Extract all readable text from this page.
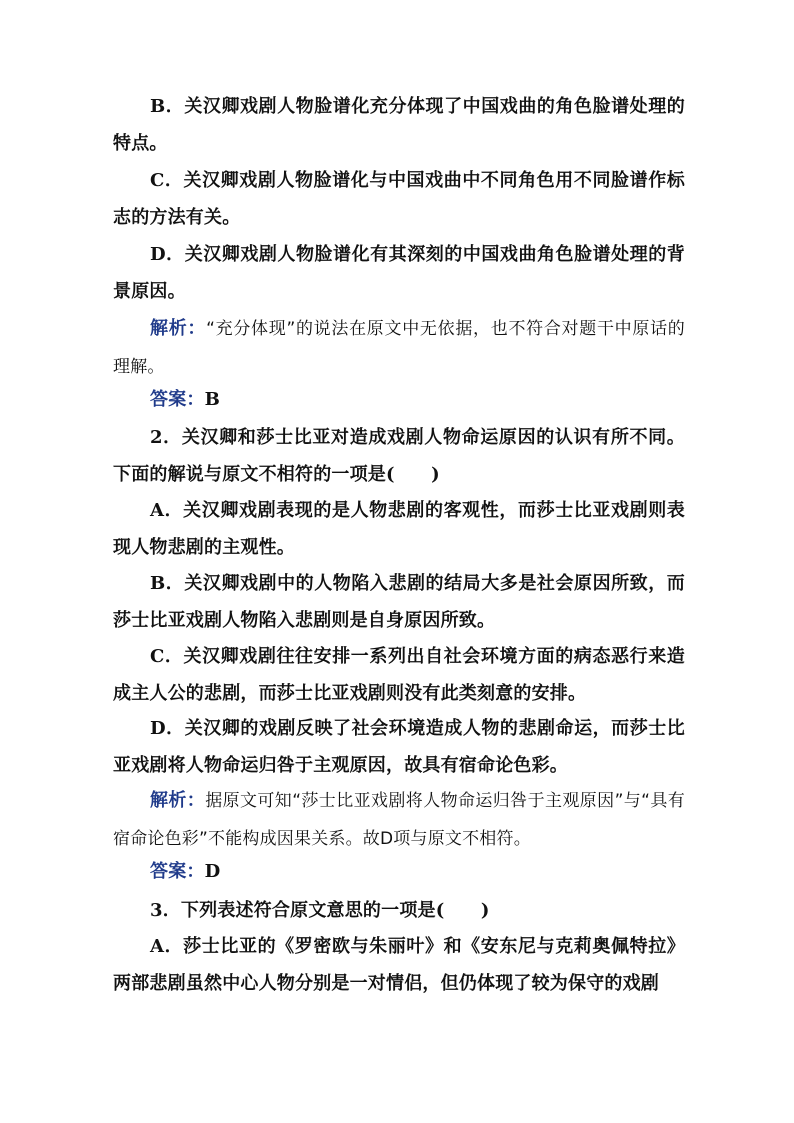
B．关汉卿戏剧人物脸谱化充分体现了中国戏曲的角色脸谱处理的特点。
C．关汉卿戏剧人物脸谱化与中国戏曲中不同角色用不同脸谱作标志的方法有关。
D．关汉卿戏剧人物脸谱化有其深刻的中国戏曲角色脸谱处理的背景原因。
解析：“充分体现”的说法在原文中无依据，也不符合对题干中原话的理解。
答案：B
2．关汉卿和莎士比亚对造成戏剧人物命运原因的认识有所不同。下面的解说与原文不相符的一项是(　　)
A．关汉卿戏剧表现的是人物悲剧的客观性，而莎士比亚戏剧则表现人物悲剧的主观性。
B．关汉卿戏剧中的人物陷入悲剧的结局大多是社会原因所致，而莎士比亚戏剧人物陷入悲剧则是自身原因所致。
C．关汉卿戏剧往往安排一系列出自社会环境方面的病态恶行来造成主人公的悲剧，而莎士比亚戏剧则没有此类刻意的安排。
D．关汉卿的戏剧反映了社会环境造成人物的悲剧命运，而莎士比亚戏剧将人物命运归咎于主观原因，故具有宿命论色彩。
解析：据原文可知“莎士比亚戏剧将人物命运归咎于主观原因”与“具有宿命论色彩”不能构成因果关系。故D项与原文不相符。
答案：D
3．下列表述符合原文意思的一项是(　　)
A．莎士比亚的《罗密欧与朱丽叶》和《安东尼与克莉奥佩特拉》两部悲剧虽然中心人物分别是一对情侣，但仍体现了较为保守的戏剧
